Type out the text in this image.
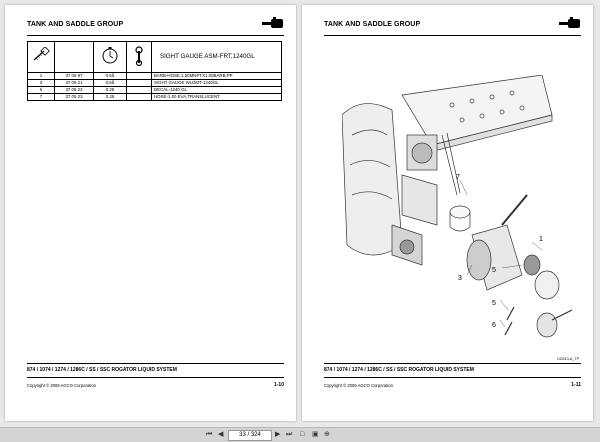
TANK AND SADDLE GROUP
				SIGHT GAUGE ASM-FRT,1240GL
1	37 06 97	0.5ß		BARB-HOSE,1.50MNPTX1.00BARB,PP
3	37 05 21	0.5ß		SIGHT GAUGE WLDMT-1240GL
6	37 05 22	0.25		DECAL-1240 GL
7	37 05 23	0.25		HOSE-1.00 EVA,TRANSLUCENT
874 / 1074 / 1274 / 1286C / SS / SSC ROGATOR LIQUID SYSTEM
Copyright © 2006 AGCO Corporation	1-10
TANK AND SADDLE GROUP
7
1
3
5
5
6
1/20/13-A_TP
874 / 1074 / 1274 / 1286C / SS / SSC ROGATOR LIQUID SYSTEM
Copyright © 2006 AGCO Corporation	1-11
⏮ ◀	33 / 324	▶ ⏭ □ ▣ ⊕
